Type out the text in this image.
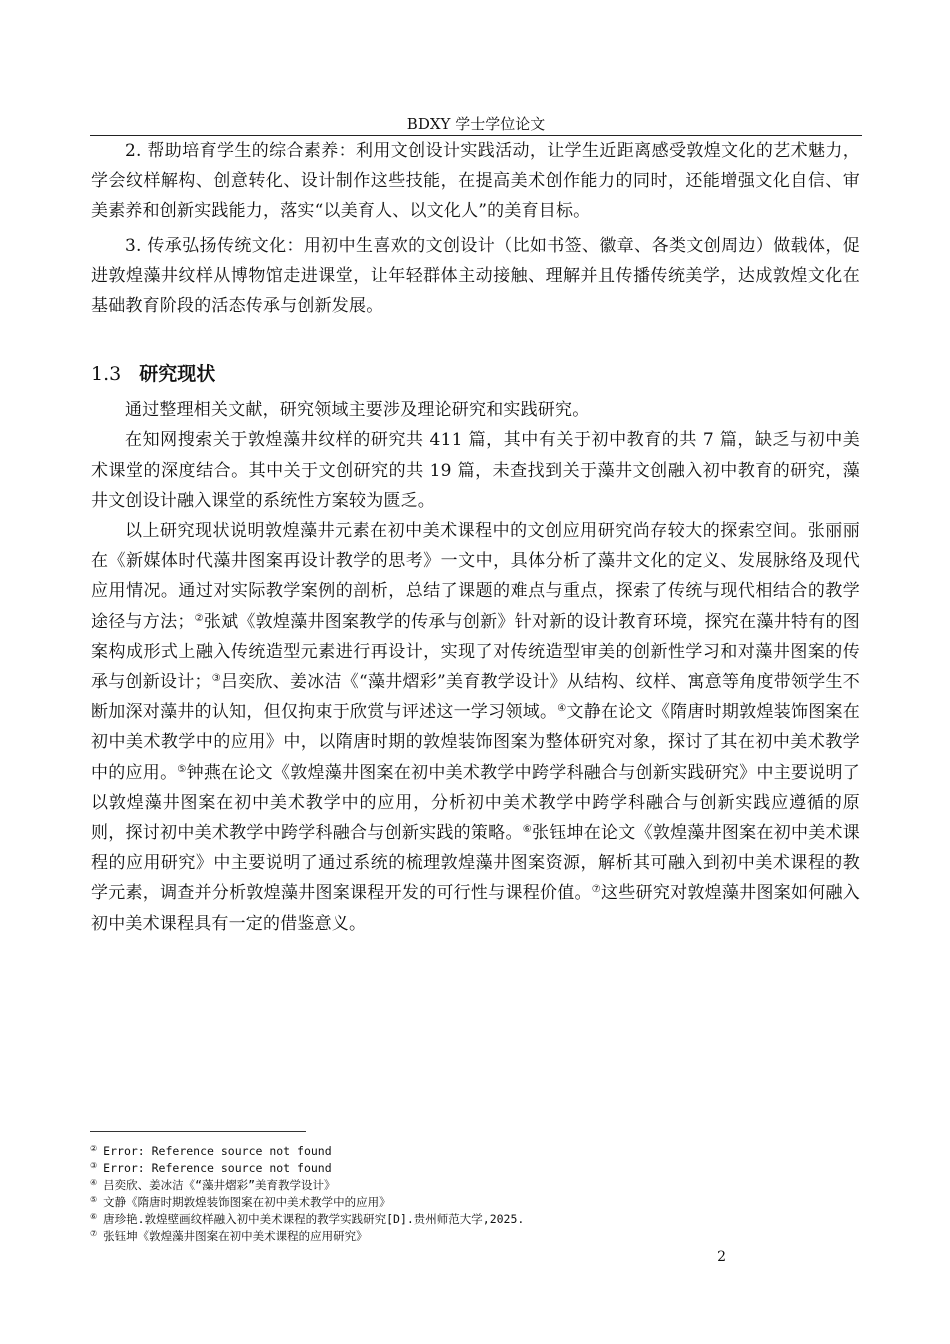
BDXY 学士学位论文

2. 帮助培育学生的综合素养：利用文创设计实践活动，让学生近距离感受敦煌文化的艺术魅力，学会纹样解构、创意转化、设计制作这些技能，在提高美术创作能力的同时，还能增强文化自信、审美素养和创新实践能力，落实“以美育人、以文化人”的美育目标。

3. 传承弘扬传统文化：用初中生喜欢的文创设计（比如书签、徽章、各类文创周边）做载体，促进敦煌藻井纹样从博物馆走进课堂，让年轻群体主动接触、理解并且传播传统美学，达成敦煌文化在基础教育阶段的活态传承与创新发展。

1.3 研究现状

通过整理相关文献，研究领域主要涉及理论研究和实践研究。

在知网搜索关于敦煌藻井纹样的研究共 411 篇，其中有关于初中教育的共 7 篇，缺乏与初中美术课堂的深度结合。其中关于文创研究的共 19 篇，未查找到关于藻井文创融入初中教育的研究，藻井文创设计融入课堂的系统性方案较为匮乏。

以上研究现状说明敦煌藻井元素在初中美术课程中的文创应用研究尚存较大的探索空间。张丽丽在《新媒体时代藻井图案再设计教学的思考》一文中，具体分析了藻井文化的定义、发展脉络及现代应用情况。通过对实际教学案例的剖析，总结了课题的难点与重点，探索了传统与现代相结合的教学途径与方法；②张斌《敦煌藻井图案教学的传承与创新》针对新的设计教育环境，探究在藻井特有的图案构成形式上融入传统造型元素进行再设计，实现了对传统造型审美的创新性学习和对藻井图案的传承与创新设计；③吕奕欣、姜冰洁《“藻井熠彩”美育教学设计》从结构、纹样、寓意等角度带领学生不断加深对藻井的认知，但仅拘束于欣赏与评述这一学习领域。④文静在论文《隋唐时期敦煌装饰图案在初中美术教学中的应用》中，以隋唐时期的敦煌装饰图案为整体研究对象，探讨了其在初中美术教学中的应用。⑤钟燕在论文《敦煌藻井图案在初中美术教学中跨学科融合与创新实践研究》中主要说明了以敦煌藻井图案在初中美术教学中的应用，分析初中美术教学中跨学科融合与创新实践应遵循的原则，探讨初中美术教学中跨学科融合与创新实践的策略。⑥张钰坤在论文《敦煌藻井图案在初中美术课程的应用研究》中主要说明了通过系统的梳理敦煌藻井图案资源，解析其可融入到初中美术课程的教学元素，调查并分析敦煌藻井图案课程开发的可行性与课程价值。⑦这些研究对敦煌藻井图案如何融入初中美术课程具有一定的借鉴意义。

② Error: Reference source not found
③ Error: Reference source not found
④ 吕奕欣、姜冰洁《“藻井熠彩”美育教学设计》
⑤ 文静《隋唐时期敦煌装饰图案在初中美术教学中的应用》
⑥ 唐珍艳.敦煌壁画纹样融入初中美术课程的教学实践研究[D].贵州师范大学,2025.
⑦ 张钰坤《敦煌藻井图案在初中美术课程的应用研究》
2
